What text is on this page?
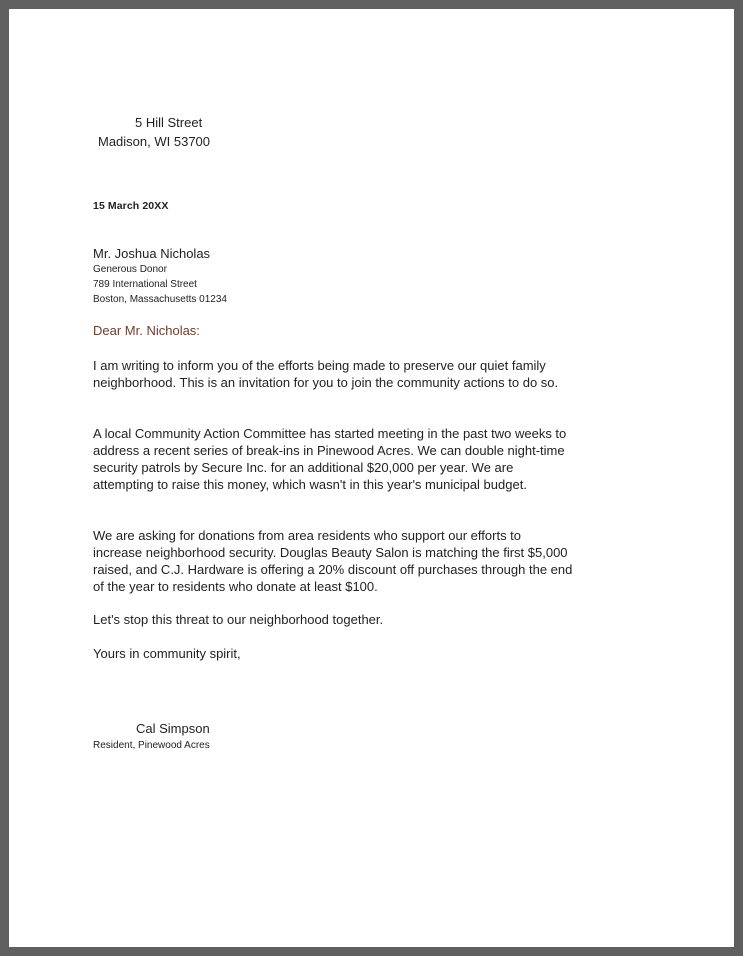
5 Hill Street
Madison, WI 53700
15 March 20XX
Mr. Joshua Nicholas
Generous Donor
789 International Street
Boston, Massachusetts 01234
Dear Mr. Nicholas:

I am writing to inform you of the efforts being made to preserve our quiet family neighborhood. This is an invitation for you to join the community actions to do so.

A local Community Action Committee has started meeting in the past two weeks to address a recent series of break-ins in Pinewood Acres. We can double night-time security patrols by Secure Inc. for an additional $20,000 per year. We are attempting to raise this money, which wasn't in this year's municipal budget.

We are asking for donations from area residents who support our efforts to increase neighborhood security. Douglas Beauty Salon is matching the first $5,000 raised, and C.J. Hardware is offering a 20% discount off purchases through the end of the year to residents who donate at least $100.

Let's stop this threat to our neighborhood together.

Yours in community spirit,
Cal Simpson
Resident, Pinewood Acres
